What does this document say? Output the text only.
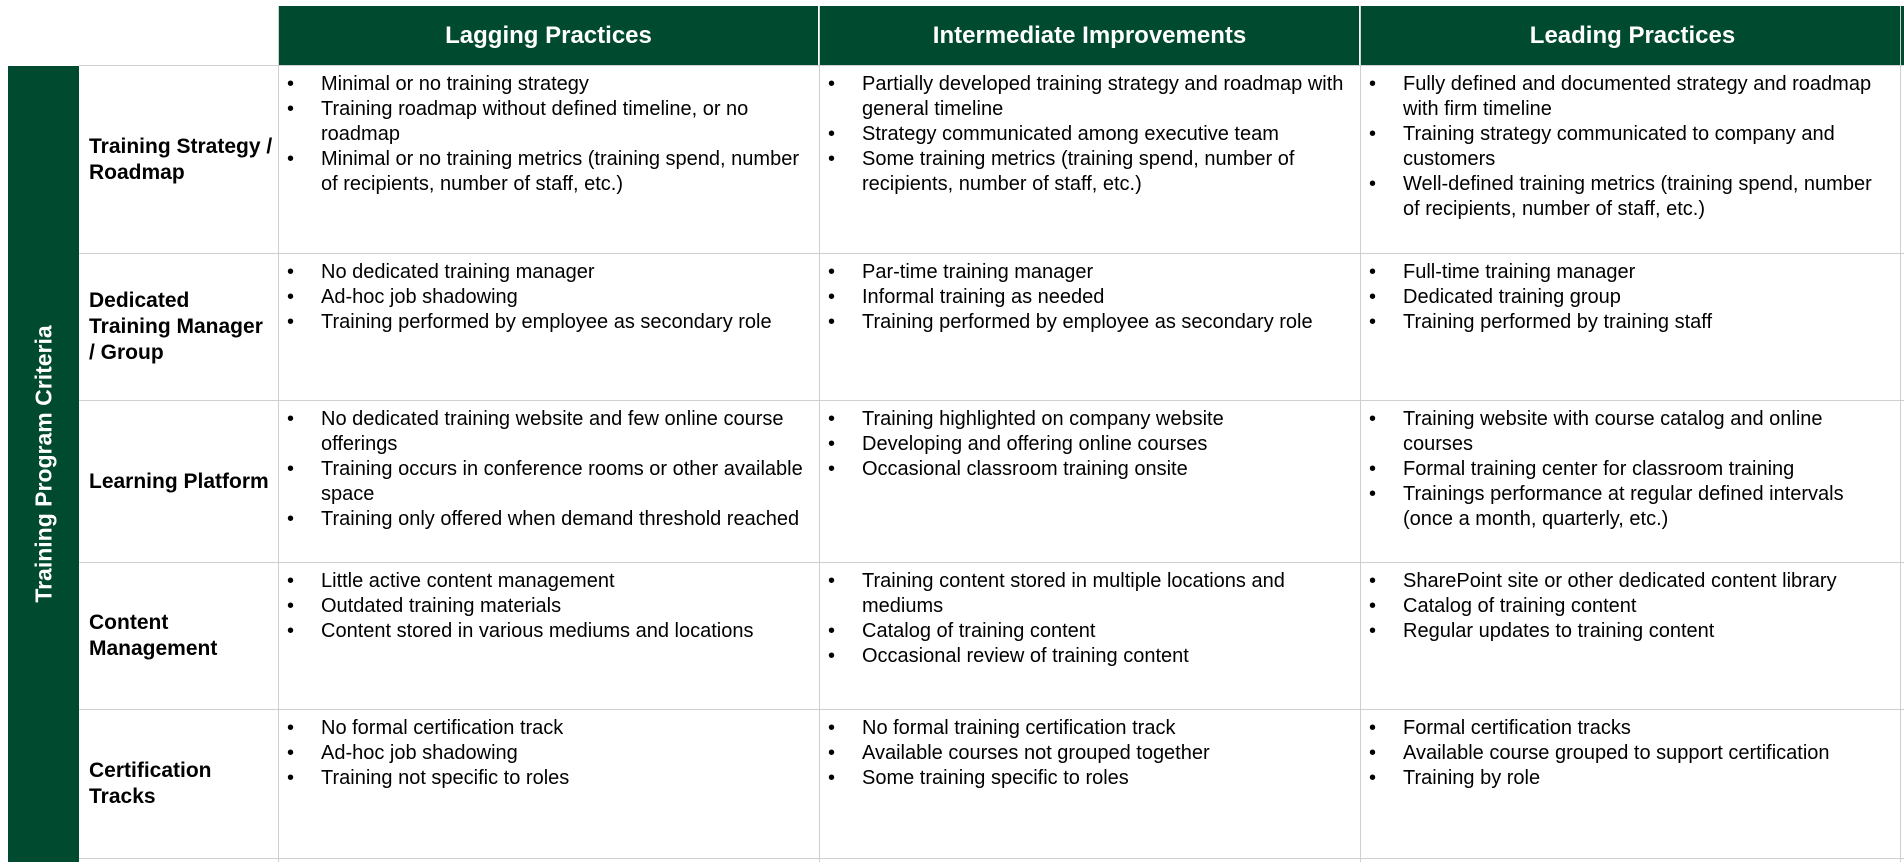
Lagging Practices	Intermediate Improvements	Leading Practices
Training Program Criteria
Training Strategy / Roadmap
• Minimal or no training strategy
• Training roadmap without defined timeline, or no roadmap
• Minimal or no training metrics (training spend, number of recipients, number of staff, etc.)
• Partially developed training strategy and roadmap with general timeline
• Strategy communicated among executive team
• Some training metrics (training spend, number of recipients, number of staff, etc.)
• Fully defined and documented strategy and roadmap with firm timeline
• Training strategy communicated to company and customers
• Well-defined training metrics (training spend, number of recipients, number of staff, etc.)
Dedicated Training Manager / Group
• No dedicated training manager
• Ad-hoc job shadowing
• Training performed by employee as secondary role
• Par-time training manager
• Informal training as needed
• Training performed by employee as secondary role
• Full-time training manager
• Dedicated training group
• Training performed by training staff
Learning Platform
• No dedicated training website and few online course offerings
• Training occurs in conference rooms or other available space
• Training only offered when demand threshold reached
• Training highlighted on company website
• Developing and offering online courses
• Occasional classroom training onsite
• Training website with course catalog and online courses
• Formal training center for classroom training
• Trainings performance at regular defined intervals (once a month, quarterly, etc.)
Content Management
• Little active content management
• Outdated training materials
• Content stored in various mediums and locations
• Training content stored in multiple locations and mediums
• Catalog of training content
• Occasional review of training content
• SharePoint site or other dedicated content library
• Catalog of training content
• Regular updates to training content
Certification Tracks
• No formal certification track
• Ad-hoc job shadowing
• Training not specific to roles
• No formal training certification track
• Available courses not grouped together
• Some training specific to roles
• Formal certification tracks
• Available course grouped to support certification
• Training by role
